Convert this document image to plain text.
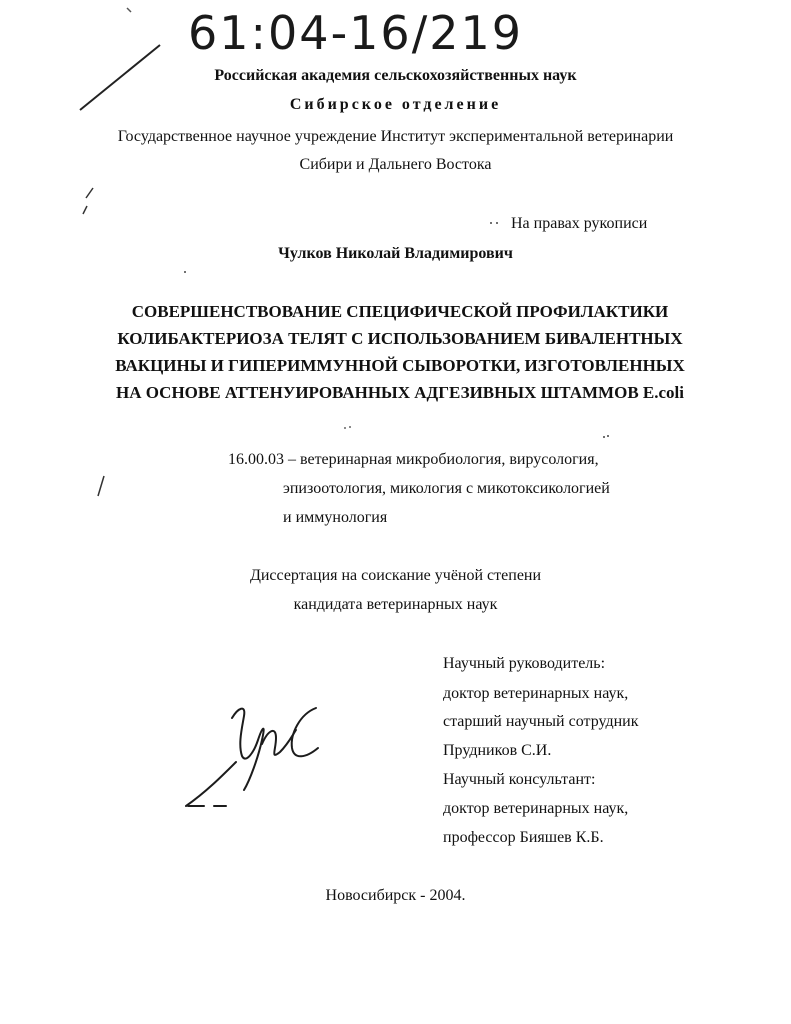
61:04-16/219
Российская академия сельскохозяйственных наук
Сибирское отделение
Государственное научное учреждение Институт экспериментальной ветеринарии
Сибири и Дальнего Востока
На правах рукописи
Чулков Николай Владимирович
СОВЕРШЕНСТВОВАНИЕ СПЕЦИФИЧЕСКОЙ ПРОФИЛАКТИКИ
КОЛИБАКТЕРИОЗА ТЕЛЯТ С ИСПОЛЬЗОВАНИЕМ БИВАЛЕНТНЫХ
ВАКЦИНЫ И ГИПЕРИММУННОЙ СЫВОРОТКИ, ИЗГОТОВЛЕННЫХ
НА ОСНОВЕ АТТЕНУИРОВАННЫХ АДГЕЗИВНЫХ ШТАММОВ E.coli
16.00.03 – ветеринарная микробиология, вирусология,
эпизоотология, микология с микотоксикологией
и иммунология
Диссертация на соискание учёной степени
кандидата ветеринарных наук
Научный руководитель:
доктор ветеринарных наук,
старший научный сотрудник
Прудников С.И.
Научный консультант:
доктор ветеринарных наук,
профессор Бияшев К.Б.
Новосибирск - 2004.
